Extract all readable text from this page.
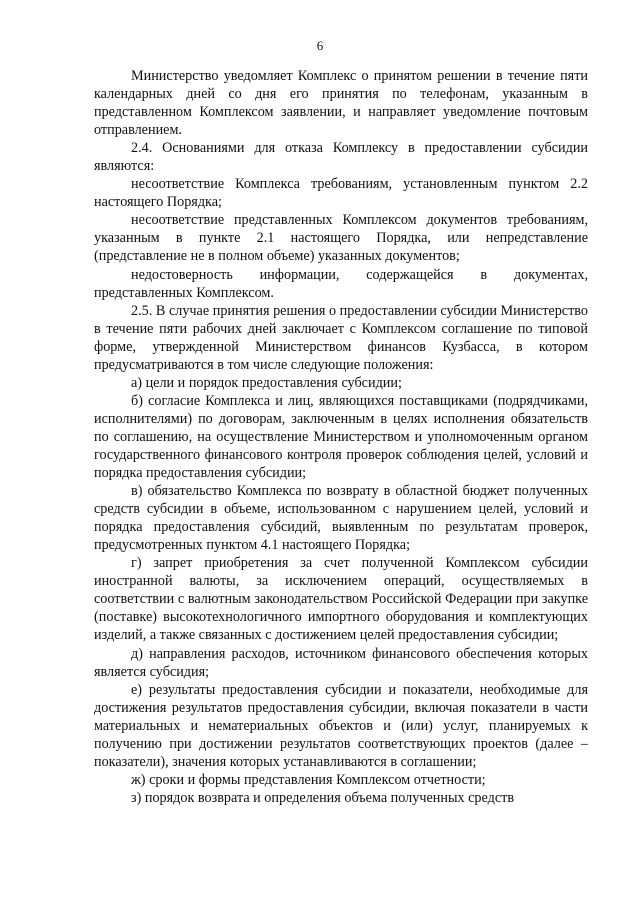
6

Министерство уведомляет Комплекс о принятом решении в течение пяти календарных дней со дня его принятия по телефонам, указанным в представленном Комплексом заявлении, и направляет уведомление почтовым отправлением.

2.4. Основаниями для отказа Комплексу в предоставлении субсидии являются:

несоответствие Комплекса требованиям, установленным пунктом 2.2 настоящего Порядка;

несоответствие представленных Комплексом документов требованиям, указанным в пункте 2.1 настоящего Порядка, или непредставление (представление не в полном объеме) указанных документов;

недостоверность информации, содержащейся в документах, представленных Комплексом.

2.5. В случае принятия решения о предоставлении субсидии Министерство в течение пяти рабочих дней заключает с Комплексом соглашение по типовой форме, утвержденной Министерством финансов Кузбасса, в котором предусматриваются в том числе следующие положения:

а) цели и порядок предоставления субсидии;

б) согласие Комплекса и лиц, являющихся поставщиками (подрядчиками, исполнителями) по договорам, заключенным в целях исполнения обязательств по соглашению, на осуществление Министерством и уполномоченным органом государственного финансового контроля проверок соблюдения целей, условий и порядка предоставления субсидии;

в) обязательство Комплекса по возврату в областной бюджет полученных средств субсидии в объеме, использованном с нарушением целей, условий и порядка предоставления субсидий, выявленным по результатам проверок, предусмотренных пунктом 4.1 настоящего Порядка;

г) запрет приобретения за счет полученной Комплексом субсидии иностранной валюты, за исключением операций, осуществляемых в соответствии с валютным законодательством Российской Федерации при закупке (поставке) высокотехнологичного импортного оборудования и комплектующих изделий, а также связанных с достижением целей предоставления субсидии;

д) направления расходов, источником финансового обеспечения которых является субсидия;

е) результаты предоставления субсидии и показатели, необходимые для достижения результатов предоставления субсидии, включая показатели в части материальных и нематериальных объектов и (или) услуг, планируемых к получению при достижении результатов соответствующих проектов (далее – показатели), значения которых устанавливаются в соглашении;

ж) сроки и формы представления Комплексом отчетности;

з) порядок возврата и определения объема полученных средств
